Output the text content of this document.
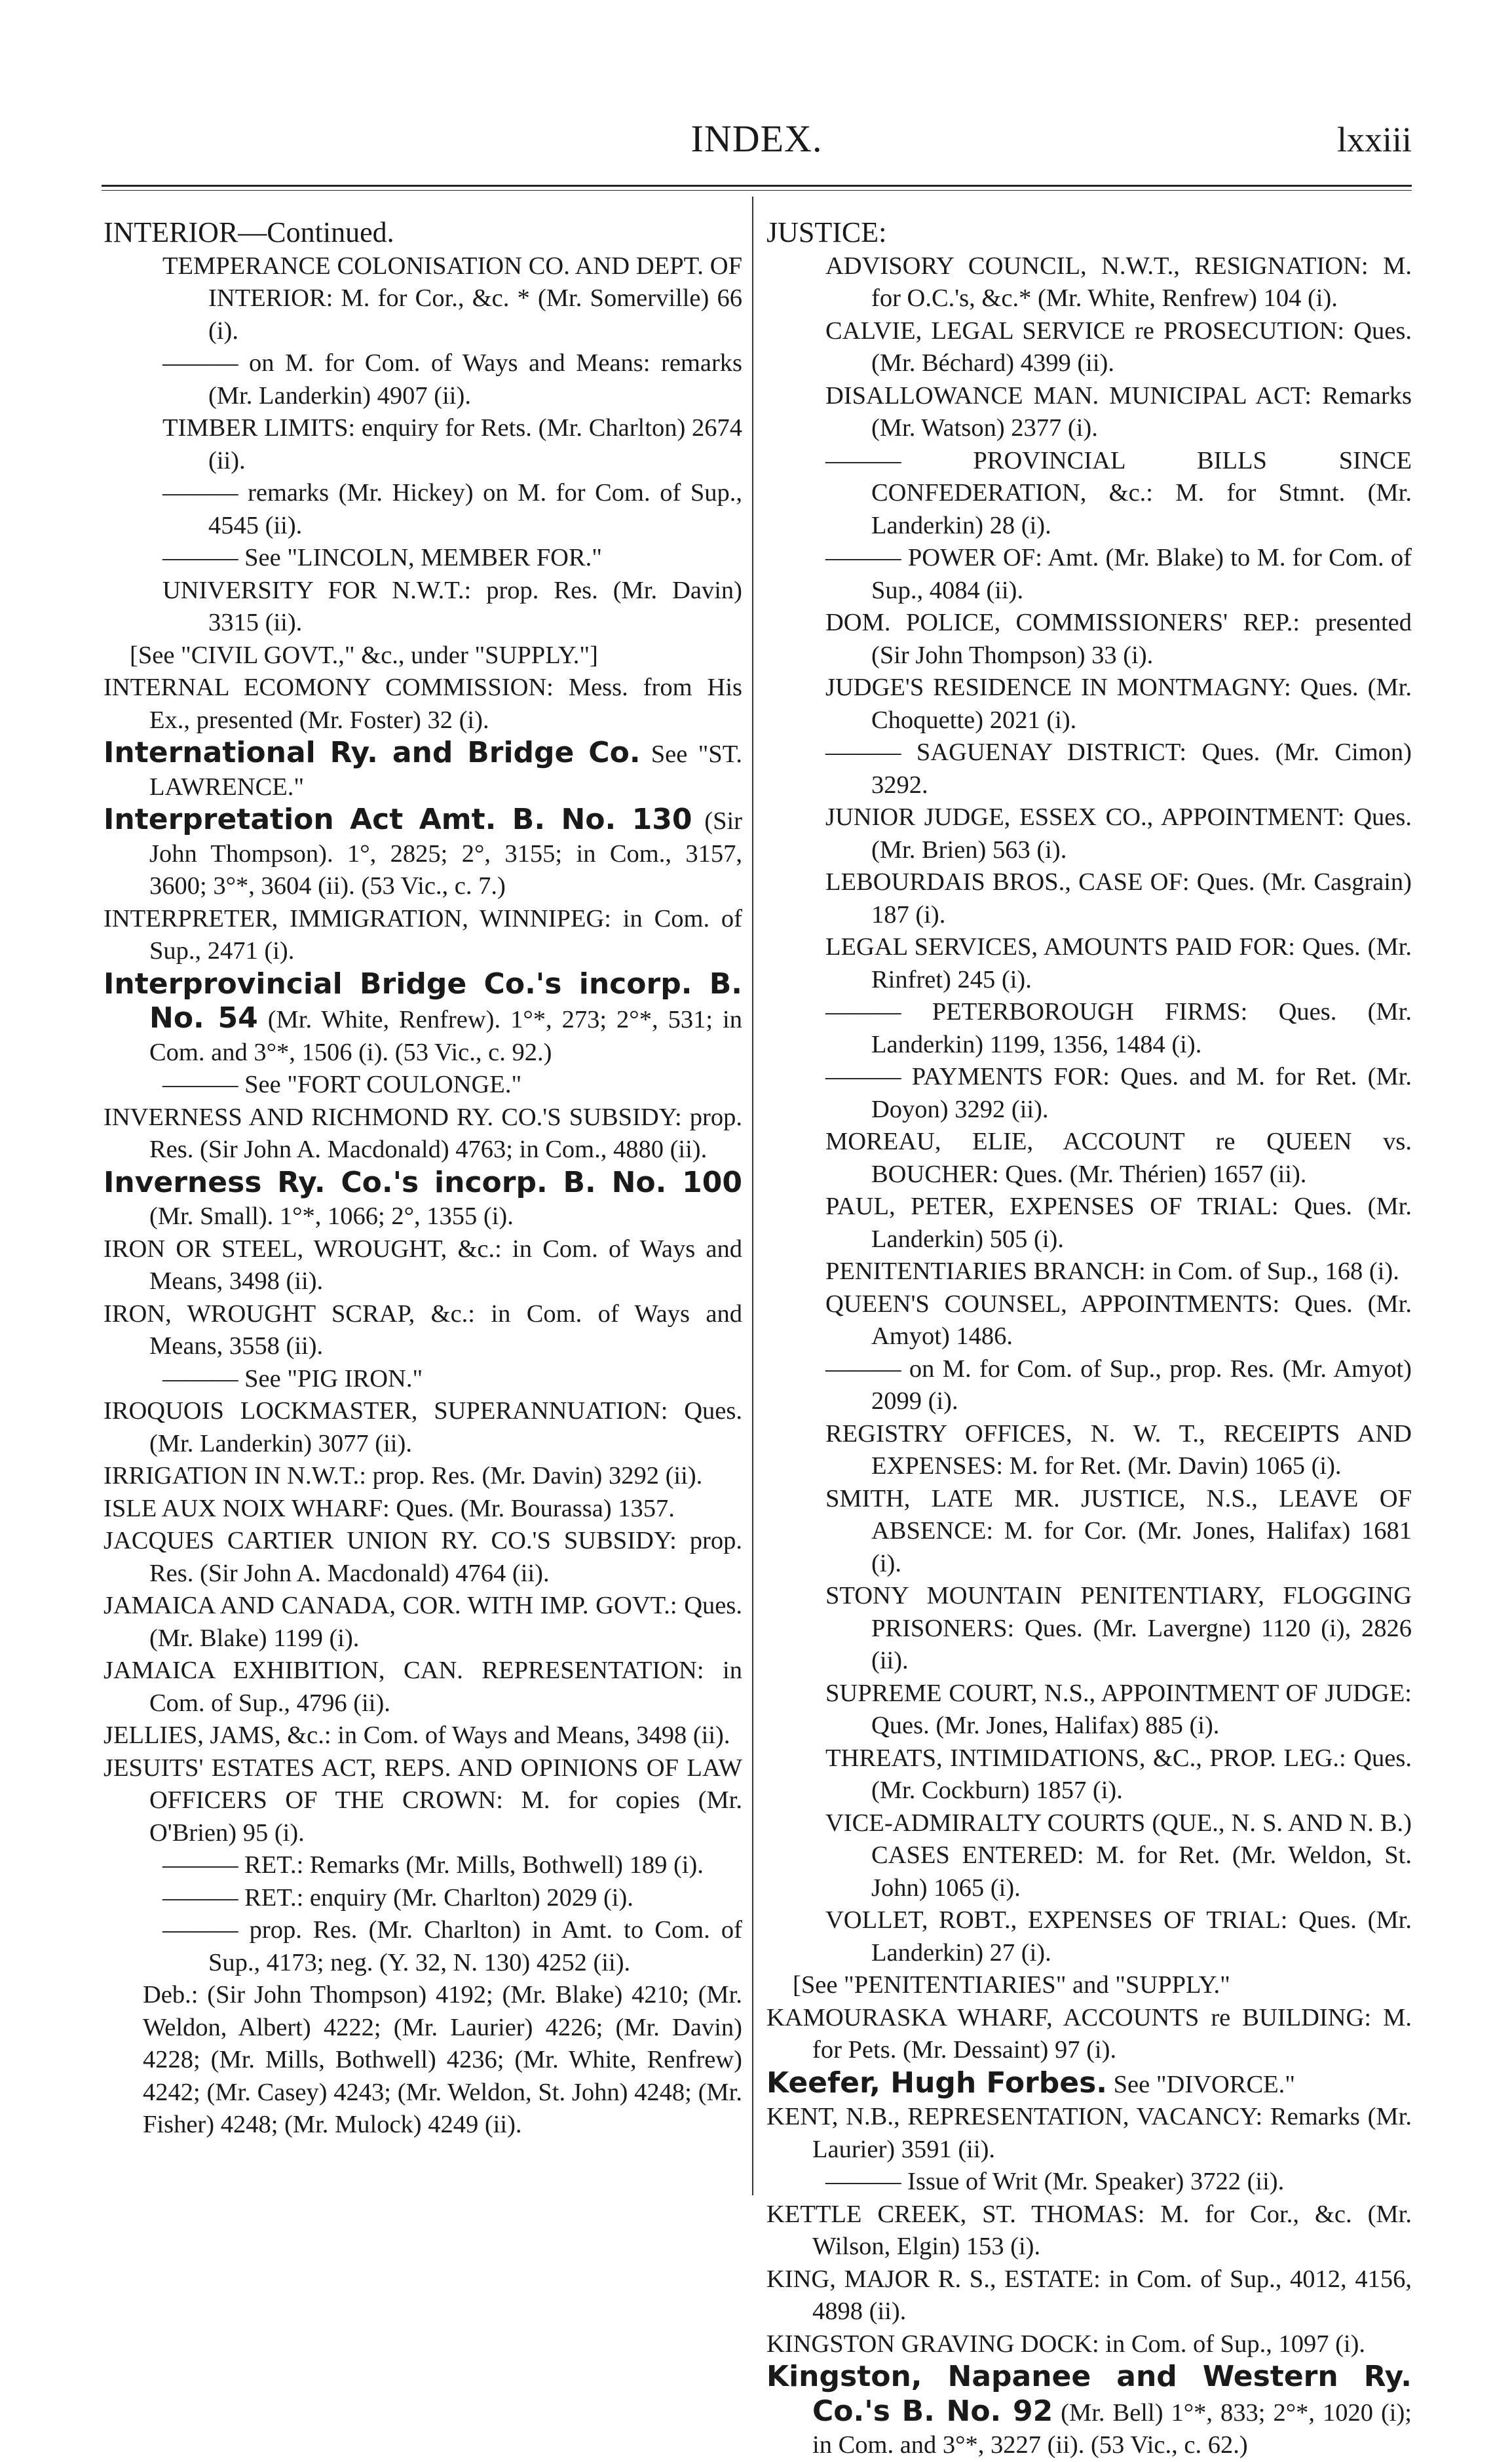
INDEX.	lxxiii

INTERIOR—Continued.

TEMPERANCE COLONISATION CO. AND DEPT. OF INTERIOR: M. for Cor., &c. * (Mr. Somerville) 66 (i).

——— on M. for Com. of Ways and Means: remarks (Mr. Landerkin) 4907 (ii).

TIMBER LIMITS: enquiry for Rets. (Mr. Charlton) 2674 (ii).

——— remarks (Mr. Hickey) on M. for Com. of Sup., 4545 (ii).

——— See "LINCOLN, MEMBER FOR."

UNIVERSITY FOR N.W.T.: prop. Res. (Mr. Davin) 3315 (ii).

[See "CIVIL GOVT.," &c., under "SUPPLY."]

INTERNAL ECOMONY COMMISSION: Mess. from His Ex., presented (Mr. Foster) 32 (i).

International Ry. and Bridge Co. See "ST. LAWRENCE."

Interpretation Act Amt. B. No. 130 (Sir John Thompson). 1°, 2825; 2°, 3155; in Com., 3157, 3600; 3°*, 3604 (ii). (53 Vic., c. 7.)

INTERPRETER, IMMIGRATION, WINNIPEG: in Com. of Sup., 2471 (i).

Interprovincial Bridge Co.'s incorp. B. No. 54 (Mr. White, Renfrew). 1°*, 273; 2°*, 531; in Com. and 3°*, 1506 (i). (53 Vic., c. 92.)

——— See "FORT COULONGE."

INVERNESS AND RICHMOND RY. CO.'S SUBSIDY: prop. Res. (Sir John A. Macdonald) 4763; in Com., 4880 (ii).

Inverness Ry. Co.'s incorp. B. No. 100 (Mr. Small). 1°*, 1066; 2°, 1355 (i).

IRON OR STEEL, WROUGHT, &c.: in Com. of Ways and Means, 3498 (ii).

IRON, WROUGHT SCRAP, &c.: in Com. of Ways and Means, 3558 (ii).

——— See "PIG IRON."

IROQUOIS LOCKMASTER, SUPERANNUATION: Ques. (Mr. Landerkin) 3077 (ii).

IRRIGATION IN N.W.T.: prop. Res. (Mr. Davin) 3292 (ii).

ISLE AUX NOIX WHARF: Ques. (Mr. Bourassa) 1357.

JACQUES CARTIER UNION RY. CO.'S SUBSIDY: prop. Res. (Sir John A. Macdonald) 4764 (ii).

JAMAICA AND CANADA, COR. WITH IMP. GOVT.: Ques. (Mr. Blake) 1199 (i).

JAMAICA EXHIBITION, CAN. REPRESENTATION: in Com. of Sup., 4796 (ii).

JELLIES, JAMS, &c.: in Com. of Ways and Means, 3498 (ii).

JESUITS' ESTATES ACT, REPS. AND OPINIONS OF LAW OFFICERS OF THE CROWN: M. for copies (Mr. O'Brien) 95 (i).

——— RET.: Remarks (Mr. Mills, Bothwell) 189 (i).

——— RET.: enquiry (Mr. Charlton) 2029 (i).

——— prop. Res. (Mr. Charlton) in Amt. to Com. of Sup., 4173; neg. (Y. 32, N. 130) 4252 (ii).

Deb.: (Sir John Thompson) 4192; (Mr. Blake) 4210; (Mr. Weldon, Albert) 4222; (Mr. Laurier) 4226; (Mr. Davin) 4228; (Mr. Mills, Bothwell) 4236; (Mr. White, Renfrew) 4242; (Mr. Casey) 4243; (Mr. Weldon, St. John) 4248; (Mr. Fisher) 4248; (Mr. Mulock) 4249 (ii).

JUSTICE:

ADVISORY COUNCIL, N.W.T., RESIGNATION: M. for O.C.'s, &c.* (Mr. White, Renfrew) 104 (i).

CALVIE, LEGAL SERVICE re PROSECUTION: Ques. (Mr. Béchard) 4399 (ii).

DISALLOWANCE MAN. MUNICIPAL ACT: Remarks (Mr. Watson) 2377 (i).

——— PROVINCIAL BILLS SINCE CONFEDERATION, &c.: M. for Stmnt. (Mr. Landerkin) 28 (i).

——— POWER OF: Amt. (Mr. Blake) to M. for Com. of Sup., 4084 (ii).

DOM. POLICE, COMMISSIONERS' REP.: presented (Sir John Thompson) 33 (i).

JUDGE'S RESIDENCE IN MONTMAGNY: Ques. (Mr. Choquette) 2021 (i).

——— SAGUENAY DISTRICT: Ques. (Mr. Cimon) 3292.

JUNIOR JUDGE, ESSEX CO., APPOINTMENT: Ques. (Mr. Brien) 563 (i).

LEBOURDAIS BROS., CASE OF: Ques. (Mr. Casgrain) 187 (i).

LEGAL SERVICES, AMOUNTS PAID FOR: Ques. (Mr. Rinfret) 245 (i).

——— PETERBOROUGH FIRMS: Ques. (Mr. Landerkin) 1199, 1356, 1484 (i).

——— PAYMENTS FOR: Ques. and M. for Ret. (Mr. Doyon) 3292 (ii).

MOREAU, ELIE, ACCOUNT re QUEEN vs. BOUCHER: Ques. (Mr. Thérien) 1657 (ii).

PAUL, PETER, EXPENSES OF TRIAL: Ques. (Mr. Landerkin) 505 (i).

PENITENTIARIES BRANCH: in Com. of Sup., 168 (i).

QUEEN'S COUNSEL, APPOINTMENTS: Ques. (Mr. Amyot) 1486.

——— on M. for Com. of Sup., prop. Res. (Mr. Amyot) 2099 (i).

REGISTRY OFFICES, N. W. T., RECEIPTS AND EXPENSES: M. for Ret. (Mr. Davin) 1065 (i).

SMITH, LATE MR. JUSTICE, N.S., LEAVE OF ABSENCE: M. for Cor. (Mr. Jones, Halifax) 1681 (i).

STONY MOUNTAIN PENITENTIARY, FLOGGING PRISONERS: Ques. (Mr. Lavergne) 1120 (i), 2826 (ii).

SUPREME COURT, N.S., APPOINTMENT OF JUDGE: Ques. (Mr. Jones, Halifax) 885 (i).

THREATS, INTIMIDATIONS, &C., PROP. LEG.: Ques. (Mr. Cockburn) 1857 (i).

VICE-ADMIRALTY COURTS (QUE., N. S. AND N. B.) CASES ENTERED: M. for Ret. (Mr. Weldon, St. John) 1065 (i).

VOLLET, ROBT., EXPENSES OF TRIAL: Ques. (Mr. Landerkin) 27 (i).

[See "PENITENTIARIES" and "SUPPLY."

KAMOURASKA WHARF, ACCOUNTS re BUILDING: M. for Pets. (Mr. Dessaint) 97 (i).

Keefer, Hugh Forbes. See "DIVORCE."

KENT, N.B., REPRESENTATION, VACANCY: Remarks (Mr. Laurier) 3591 (ii).

——— Issue of Writ (Mr. Speaker) 3722 (ii).

KETTLE CREEK, ST. THOMAS: M. for Cor., &c. (Mr. Wilson, Elgin) 153 (i).

KING, MAJOR R. S., ESTATE: in Com. of Sup., 4012, 4156, 4898 (ii).

KINGSTON GRAVING DOCK: in Com. of Sup., 1097 (i).

Kingston, Napanee and Western Ry. Co.'s B. No. 92 (Mr. Bell) 1°*, 833; 2°*, 1020 (i); in Com. and 3°*, 3227 (ii). (53 Vic., c. 62.)
